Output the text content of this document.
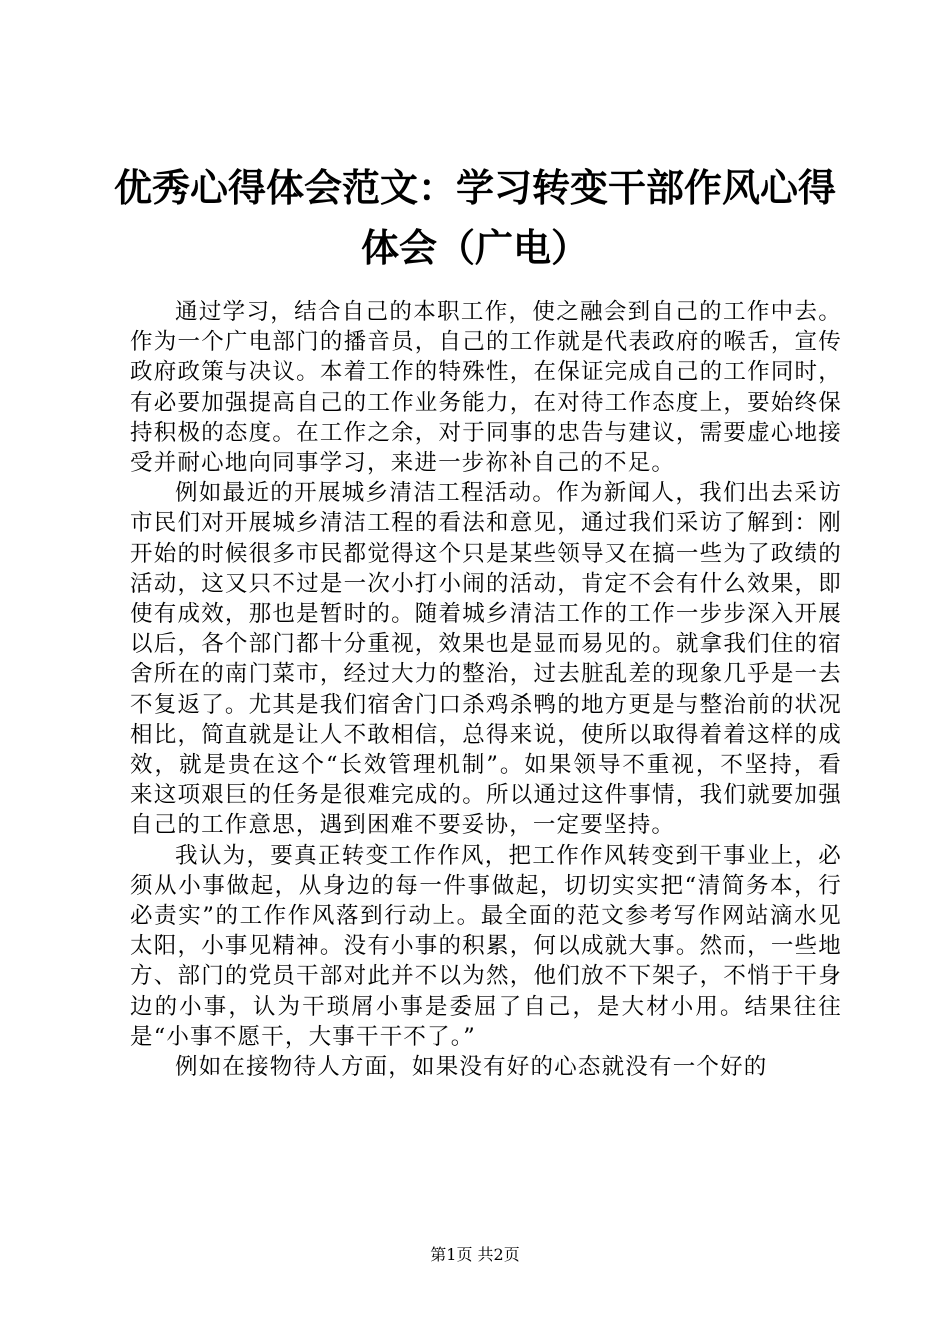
优秀心得体会范文：学习转变干部作风心得体会（广电）

通过学习，结合自己的本职工作，使之融会到自己的工作中去。作为一个广电部门的播音员，自己的工作就是代表政府的喉舌，宣传政府政策与决议。本着工作的特殊性，在保证完成自己的工作同时，有必要加强提高自己的工作业务能力，在对待工作态度上，要始终保持积极的态度。在工作之余，对于同事的忠告与建议，需要虚心地接受并耐心地向同事学习，来进一步祢补自己的不足。

例如最近的开展城乡清洁工程活动。作为新闻人，我们出去采访市民们对开展城乡清洁工程的看法和意见，通过我们采访了解到：刚开始的时候很多市民都觉得这个只是某些领导又在搞一些为了政绩的活动，这又只不过是一次小打小闹的活动，肯定不会有什么效果，即使有成效，那也是暂时的。随着城乡清洁工作的工作一步步深入开展以后，各个部门都十分重视，效果也是显而易见的。就拿我们住的宿舍所在的南门菜市，经过大力的整治，过去脏乱差的现象几乎是一去不复返了。尤其是我们宿舍门口杀鸡杀鸭的地方更是与整治前的状况相比，简直就是让人不敢相信，总得来说，使所以取得着着这样的成效，就是贵在这个“长效管理机制”。如果领导不重视，不坚持，看来这项艰巨的任务是很难完成的。所以通过这件事情，我们就要加强自己的工作意思，遇到困难不要妥协，一定要坚持。

我认为，要真正转变工作作风，把工作作风转变到干事业上，必须从小事做起，从身边的每一件事做起，切切实实把“清简务本，行必责实”的工作作风落到行动上。最全面的范文参考写作网站滴水见太阳，小事见精神。没有小事的积累，何以成就大事。然而，一些地方、部门的党员干部对此并不以为然，他们放不下架子，不悄于干身边的小事，认为干琐屑小事是委屈了自己，是大材小用。结果往往是“小事不愿干，大事干干不了。”

例如在接物待人方面，如果没有好的心态就没有一个好的

第1页 共2页
